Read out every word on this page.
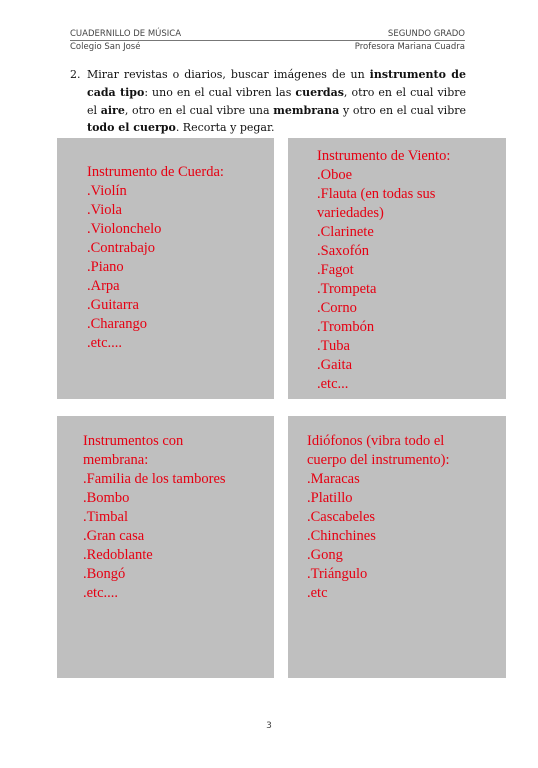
CUADERNILLO DE MÚSICA	SEGUNDO GRADO
Colegio San José	Profesora Mariana Cuadra
2. Mirar revistas o diarios, buscar imágenes de un instrumento de cada tipo: uno en el cual vibren las cuerdas, otro en el cual vibre el aire, otro en el cual vibre una membrana y otro en el cual vibre todo el cuerpo. Recorta y pegar.
Instrumento de Cuerda:
.Violín
.Viola
.Violonchelo
.Contrabajo
.Piano
.Arpa
.Guitarra
.Charango
.etc....
Instrumento de Viento:
.Oboe
.Flauta (en todas sus variedades)
.Clarinete
.Saxofón
.Fagot
.Trompeta
.Corno
.Trombón
.Tuba
.Gaita
.etc...
Instrumentos con membrana:
.Familia de los tambores
.Bombo
.Timbal
.Gran casa
.Redoblante
.Bongó
.etc....
Idiófonos (vibra todo el cuerpo del instrumento):
.Maracas
.Platillo
.Cascabeles
.Chinchines
.Gong
.Triángulo
.etc
3
